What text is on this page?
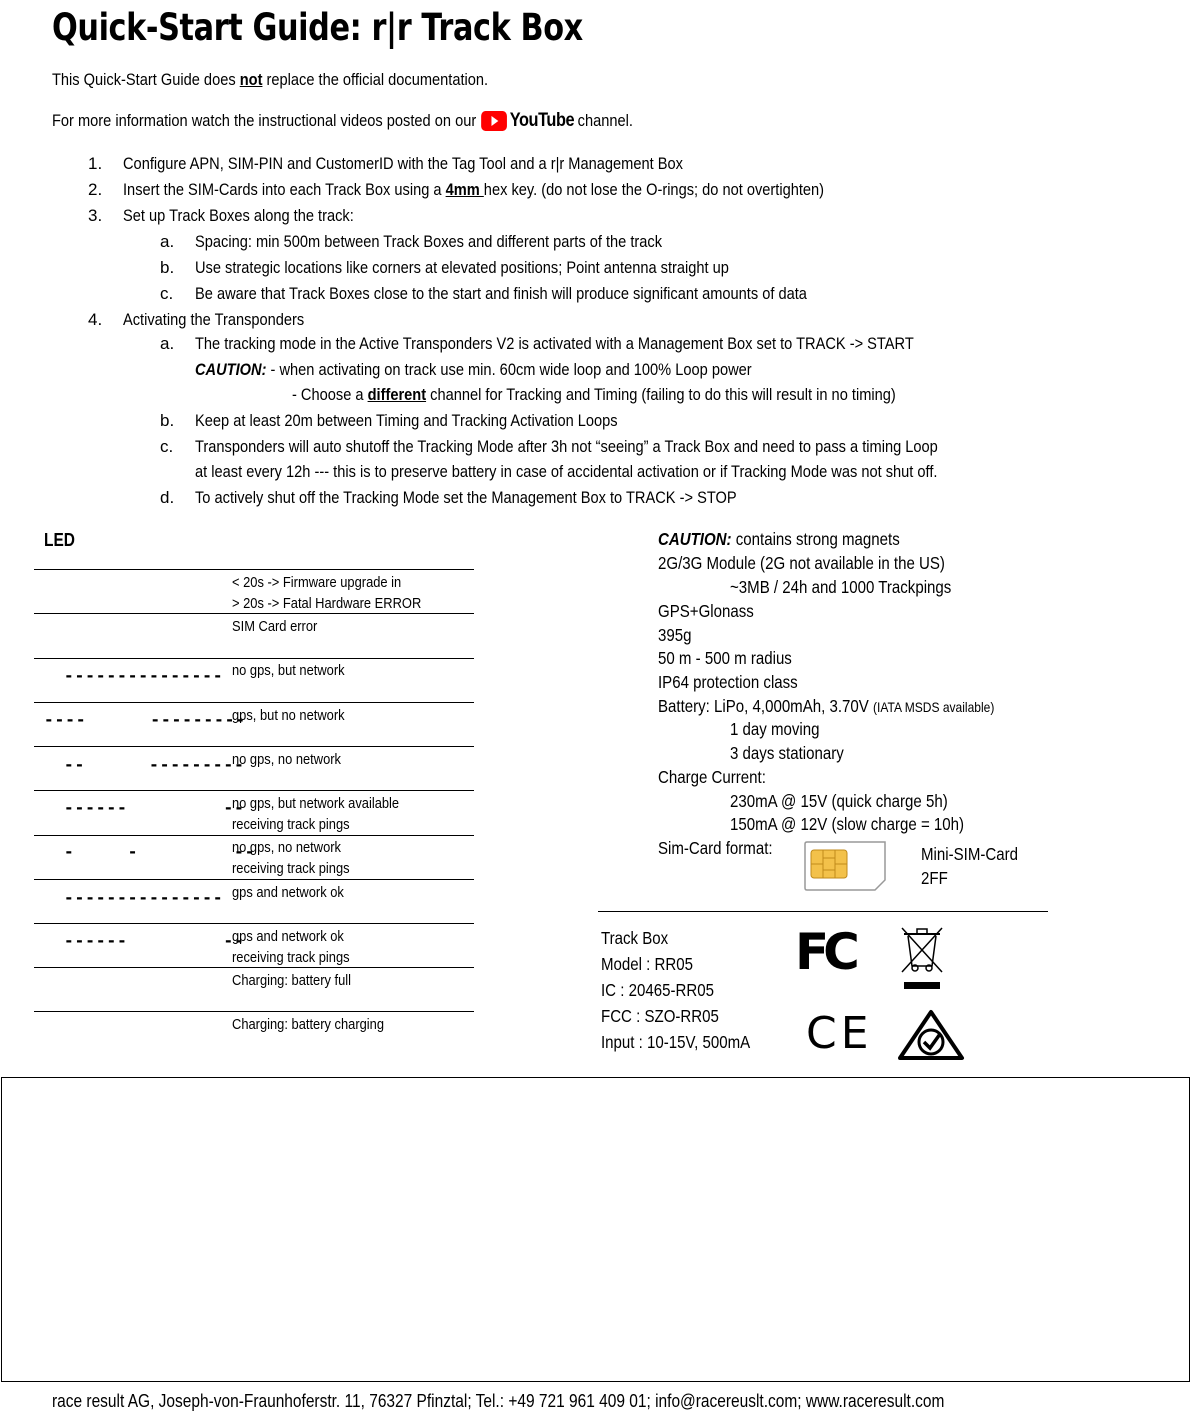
Quick-Start Guide: r|r Track Box
This Quick-Start Guide does not replace the official documentation.
For more information watch the instructional videos posted on our YouTube channel.
1. Configure APN, SIM-PIN and CustomerID with the Tag Tool and a r|r Management Box
2. Insert the SIM-Cards into each Track Box using a 4mm hex key. (do not lose the O-rings; do not overtighten)
3. Set up Track Boxes along the track:
a. Spacing: min 500m between Track Boxes and different parts of the track
b. Use strategic locations like corners at elevated positions; Point antenna straight up
c. Be aware that Track Boxes close to the start and finish will produce significant amounts of data
4. Activating the Transponders
a. The tracking mode in the Active Transponders V2 is activated with a Management Box set to TRACK -> START
CAUTION: - when activating on track use min. 60cm wide loop and 100% Loop power
- Choose a different channel for Tracking and Timing (failing to do this will result in no timing)
b. Keep at least 20m between Timing and Tracking Activation Loops
c. Transponders will auto shutoff the Tracking Mode after 3h not “seeing” a Track Box and need to pass a timing Loop
at least every 12h --- this is to preserve battery in case of accidental activation or if Tracking Mode was not shut off.
d. To actively shut off the Tracking Mode set the Management Box to TRACK -> STOP
LED
< 20s -> Firmware upgrade in
> 20s -> Fatal Hardware ERROR
SIM Card error
--------------- no gps, but network
----      ---------
gps, but no network
--      ---------
no gps, no network
------         --
no gps, but network available
receiving track pings
-     -         --
no gps, no network
receiving track pings
--------------- gps and network ok
------         --
gps and network ok
receiving track pings
Charging: battery full
Charging: battery charging
CAUTION: contains strong magnets
2G/3G Module (2G not available in the US)
~3MB / 24h and 1000 Trackpings
GPS+Glonass
395g
50 m - 500 m radius
IP64 protection class
Battery: LiPo, 4,000mAh, 3.70V (IATA MSDS available)
1 day moving
3 days stationary
Charge Current:
230mA @ 15V (quick charge 5h)
150mA @ 12V (slow charge = 10h)
Sim-Card format:	Mini-SIM-Card
2FF
Track Box
Model : RR05
IC : 20465-RR05
FCC : SZO-RR05
Input : 10-15V, 500mA
FC
CE
race result AG, Joseph-von-Fraunhoferstr. 11, 76327 Pfinztal; Tel.: +49 721 961 409 01; info@racereuslt.com; www.raceresult.com
